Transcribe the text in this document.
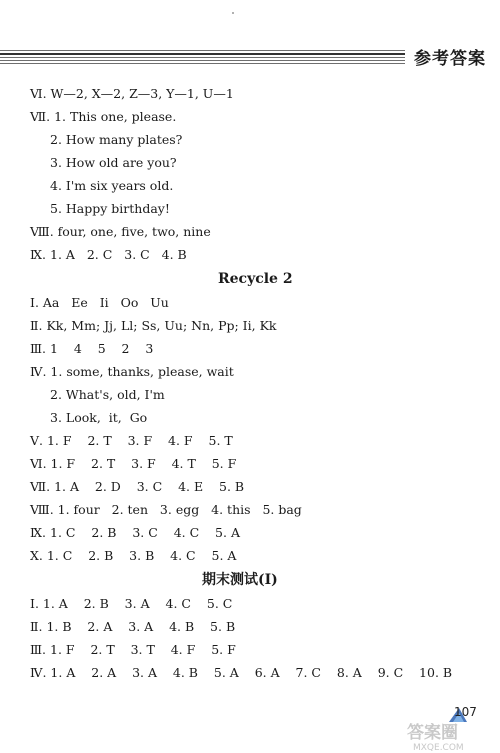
参考答案
Ⅵ. W—2, X—2, Z—3, Y—1, U—1
Ⅶ. 1. This one, please.
2. How many plates?
3. How old are you?
4. I'm six years old.
5. Happy birthday!
Ⅷ. four, one, five, two, nine
Ⅸ. 1. A   2. C   3. C   4. B
Recycle 2
Ⅰ. Aa   Ee   Ii   Oo   Uu
Ⅱ. Kk, Mm; Jj, Ll; Ss, Uu; Nn, Pp; Ii, Kk
Ⅲ. 1    4    5    2    3
Ⅳ. 1. some, thanks, please, wait
2. What's, old, I'm
3. Look,  it,  Go
Ⅴ. 1. F    2. T    3. F    4. F    5. T
Ⅵ. 1. F    2. T    3. F    4. T    5. F
Ⅶ. 1. A    2. D    3. C    4. E    5. B
Ⅷ. 1. four   2. ten   3. egg   4. this   5. bag
Ⅸ. 1. C    2. B    3. C    4. C    5. A
Ⅹ. 1. C    2. B    3. B    4. C    5. A
期末测试(Ⅰ)
Ⅰ. 1. A    2. B    3. A    4. C    5. C
Ⅱ. 1. B    2. A    3. A    4. B    5. B
Ⅲ. 1. F    2. T    3. T    4. F    5. F
Ⅳ. 1. A    2. A    3. A    4. B    5. A    6. A    7. C    8. A    9. C    10. B
107
答案圈
MXQE.COM
